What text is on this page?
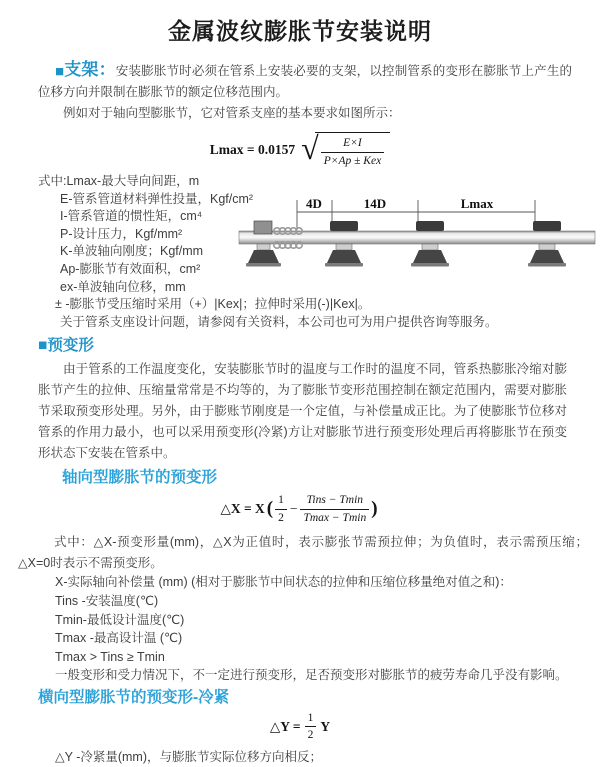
金属波纹膨胀节安装说明

■支架：安装膨胀节时必须在管系上安装必要的支架，以控制管系的变形在膨胀节上产生的位移方向并限制在膨胀节的额定位移范围内。

例如对于轴向型膨胀节，它对管系支座的基本要求如图所示：

Lmax = 0.0157 √ $\frac{E\times I}{\text{P×Ap ± Kex}}$
式中:Lmax-最大导向间距，m
E-管系管道材料弹性投量，Kgf/cm²
I-管系管道的惯性矩，cm⁴
P-设计压力，Kgf/mm²
K-单波轴向刚度；Kgf/mm
Ap-膨胀节有效面积，cm²
ex-单波轴向位移，mm
± -膨胀节受压缩时采用（+）|Kex|；拉伸时采用(-)|Kex|。
关于管系支座设计问题，请参阅有关资料，本公司也可为用户提供咨询等服务。
4D	14D	Lmax
■预变形

由于管系的工作温度变化，安装膨胀节时的温度与工作时的温度不同，管系热膨胀冷缩对膨胀节产生的拉伸、压缩量常常是不均等的，为了膨胀节变形范围控制在额定范围内，需要对膨胀节采取预变形处理。另外，由于膨账节刚度是一个定值，与补偿量成正比。为了使膨胀节位移对管系的作用力最小，也可以采用预变形(冷紧)方让对膨胀节进行预变形处理后再将膨胀节在预变形状态下安装在管系中。

轴向型膨胀节的预变形
△X = X ( $\frac{1}{2} - \frac{\text{Tins − Tmin}}{Tmax - Tmin}$ )

式中：△X-预变形量(mm)，△X为正值时，表示膨张节需预拉伸；为负值时，表示需预压缩；△X=0时表示不需预变形。

X-实际轴向补偿量 (mm) (相对于膨胀节中间状态的拉伸和压缩位移量绝对值之和)：
Tins -安装温度(℃)
Tmin-最低设计温度(℃)
Tmax -最高设计温 (℃)
Tmax > Tins ≥ Tmin
一般变形和受力情况下，不一定进行预变形，足否预变形对膨胀节的疲劳寿命几乎没有影响。
横向型膨胀节的预变形-冷紧
△Y = $\frac{1}{2}$ Y
△Y -冷紧量(mm)，与膨胀节实际位移方向相反；
